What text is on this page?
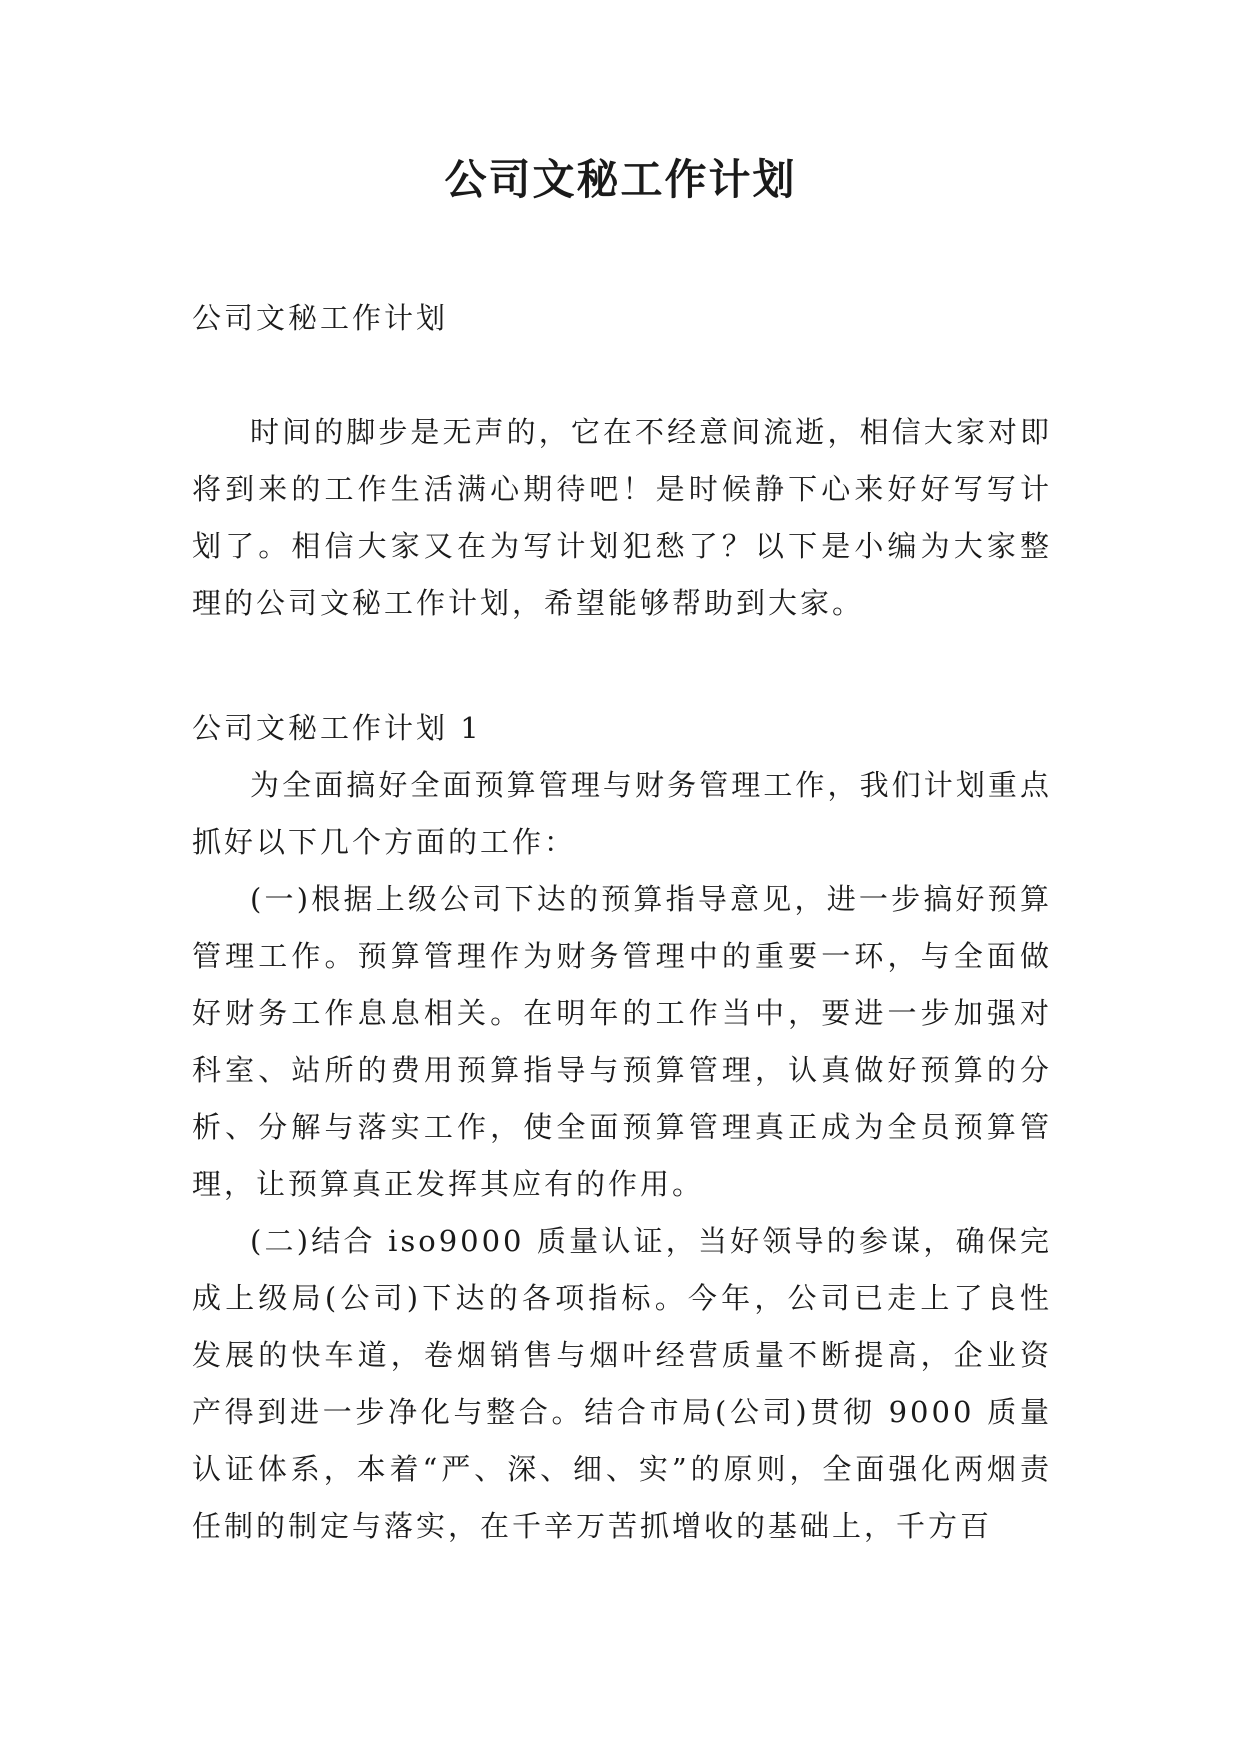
公司文秘工作计划
公司文秘工作计划

时间的脚步是无声的，它在不经意间流逝，相信大家对即将到来的工作生活满心期待吧！是时候静下心来好好写写计划了。相信大家又在为写计划犯愁了？以下是小编为大家整理的公司文秘工作计划，希望能够帮助到大家。

公司文秘工作计划 1

为全面搞好全面预算管理与财务管理工作，我们计划重点抓好以下几个方面的工作：

(一)根据上级公司下达的预算指导意见，进一步搞好预算管理工作。预算管理作为财务管理中的重要一环，与全面做好财务工作息息相关。在明年的工作当中，要进一步加强对科室、站所的费用预算指导与预算管理，认真做好预算的分析、分解与落实工作，使全面预算管理真正成为全员预算管理，让预算真正发挥其应有的作用。

(二)结合 iso9000 质量认证，当好领导的参谋，确保完成上级局(公司)下达的各项指标。今年，公司已走上了良性发展的快车道，卷烟销售与烟叶经营质量不断提高，企业资产得到进一步净化与整合。结合市局(公司)贯彻 9000 质量认证体系，本着“严、深、细、实”的原则，全面强化两烟责任制的制定与落实，在千辛万苦抓增收的基础上，千方百
